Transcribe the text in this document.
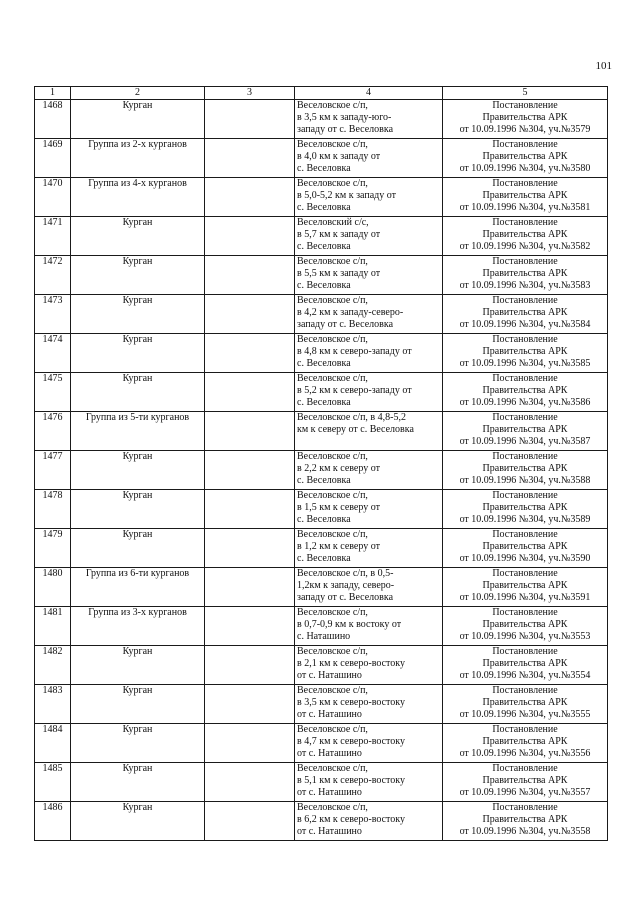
101
1	2	3	4	5
1468	Курган		Веселовское с/п,
в 3,5 км к западу-юго-
западу от с. Веселовка	Постановление
Правительства АРК
от 10.09.1996 №304, уч.№3579

1469	Группа из 2-х курганов		Веселовское с/п,
в 4,0 км к западу от
с. Веселовка	Постановление
Правительства АРК
от 10.09.1996 №304, уч.№3580

1470	Группа из 4-х курганов		Веселовское с/п,
в 5,0-5,2 км к западу от
с. Веселовка	Постановление
Правительства АРК
от 10.09.1996 №304, уч.№3581

1471	Курган		Веселовский с/с,
в 5,7 км к западу от
с. Веселовка	Постановление
Правительства АРК
от 10.09.1996 №304, уч.№3582

1472	Курган		Веселовское с/п,
в 5,5 км к западу от
с. Веселовка	Постановление
Правительства АРК
от 10.09.1996 №304, уч.№3583

1473	Курган		Веселовское с/п,
в 4,2 км к западу-северо-
западу от с. Веселовка	Постановление
Правительства АРК
от 10.09.1996 №304, уч.№3584

1474	Курган		Веселовское с/п,
в 4,8 км к северо-западу от
с. Веселовка	Постановление
Правительства АРК
от 10.09.1996 №304, уч.№3585

1475	Курган		Веселовское с/п,
в 5,2 км к северо-западу от
с. Веселовка	Постановление
Правительства АРК
от 10.09.1996 №304, уч.№3586

1476	Группа из 5-ти курганов		Веселовское с/п, в 4,8-5,2
км к северу от с. Веселовка	Постановление
Правительства АРК
от 10.09.1996 №304, уч.№3587

1477	Курган		Веселовское с/п,
в 2,2 км к северу от
с. Веселовка	Постановление
Правительства АРК
от 10.09.1996 №304, уч.№3588

1478	Курган		Веселовское с/п,
в 1,5 км к северу от
с. Веселовка	Постановление
Правительства АРК
от 10.09.1996 №304, уч.№3589

1479	Курган		Веселовское с/п,
в 1,2 км к северу от
с. Веселовка	Постановление
Правительства АРК
от 10.09.1996 №304, уч.№3590

1480	Группа из 6-ти курганов		Веселовское с/п, в 0,5-
1,2км к западу, северо-
западу от с. Веселовка	Постановление
Правительства АРК
от 10.09.1996 №304, уч.№3591

1481	Группа из 3-х курганов		Веселовское с/п,
в 0,7-0,9 км к востоку от
с. Наташино	Постановление
Правительства АРК
от 10.09.1996 №304, уч.№3553

1482	Курган		Веселовское с/п,
в 2,1 км к северо-востоку
от с. Наташино	Постановление
Правительства АРК
от 10.09.1996 №304, уч.№3554

1483	Курган		Веселовское с/п,
в 3,5 км к северо-востоку
от с. Наташино	Постановление
Правительства АРК
от 10.09.1996 №304, уч.№3555

1484	Курган		Веселовское с/п,
в 4,7 км к северо-востоку
от с. Наташино	Постановление
Правительства АРК
от 10.09.1996 №304, уч.№3556

1485	Курган		Веселовское с/п,
в 5,1 км к северо-востоку
от с. Наташино	Постановление
Правительства АРК
от 10.09.1996 №304, уч.№3557

1486	Курган		Веселовское с/п,
в 6,2 км к северо-востоку
от с. Наташино	Постановление
Правительства АРК
от 10.09.1996 №304, уч.№3558
